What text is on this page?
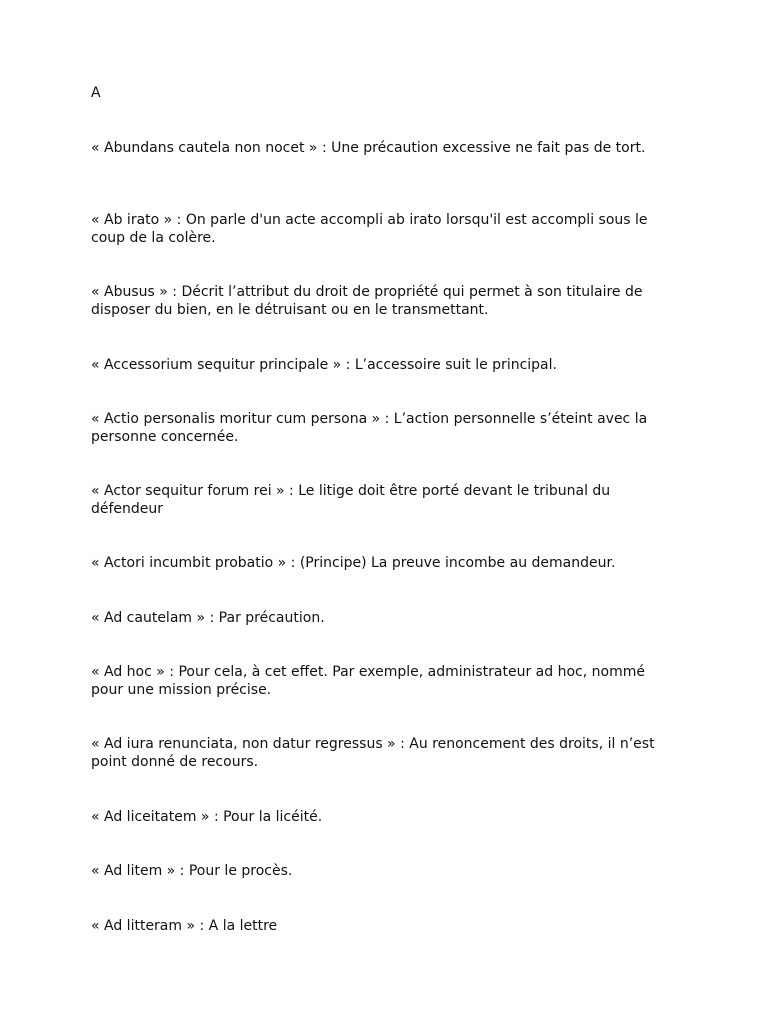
A

« Abundans cautela non nocet » : Une précaution excessive ne fait pas de tort.

« Ab irato » : On parle d'un acte accompli ab irato lorsqu'il est accompli sous le coup de la colère.

« Abusus » : Décrit l’attribut du droit de propriété qui permet à son titulaire de disposer du bien, en le détruisant ou en le transmettant.

« Accessorium sequitur principale » : L’accessoire suit le principal.

« Actio personalis moritur cum persona » : L’action personnelle s’éteint avec la personne concernée.

« Actor sequitur forum rei » : Le litige doit être porté devant le tribunal du défendeur

« Actori incumbit probatio » : (Principe) La preuve incombe au demandeur.

« Ad cautelam » : Par précaution.

« Ad hoc » : Pour cela, à cet effet. Par exemple, administrateur ad hoc, nommé pour une mission précise.

« Ad iura renunciata, non datur regressus » : Au renoncement des droits, il n’est point donné de recours.

« Ad liceitatem » : Pour la licéité.

« Ad litem » : Pour le procès.

« Ad litteram » : A la lettre
